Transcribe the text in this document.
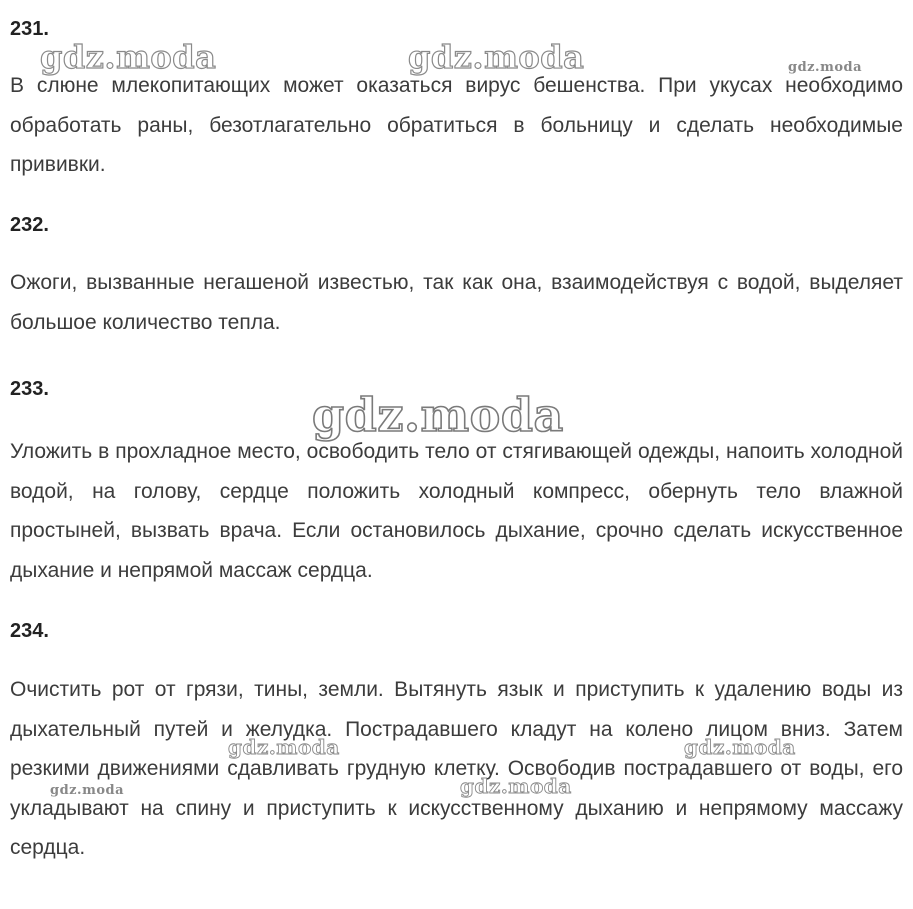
231.
В слюне млекопитающих может оказаться вирус бешенства. При укусах необходимо обработать раны, безотлагательно обратиться в больницу и сделать необходимые прививки.
232.
Ожоги, вызванные негашеной известью, так как она, взаимодействуя с водой, выделяет большое количество тепла.
233.
Уложить в прохладное место, освободить тело от стягивающей одежды, напоить холодной водой, на голову, сердце положить холодный компресс, обернуть тело влажной простыней, вызвать врача. Если остановилось дыхание, срочно сделать искусственное дыхание и непрямой массаж сердца.
234.
Очистить рот от грязи, тины, земли. Вытянуть язык и приступить к удалению воды из дыхательный путей и желудка. Пострадавшего кладут на колено лицом вниз. Затем резкими движениями сдавливать грудную клетку. Освободив пострадавшего от воды, его укладывают на спину и приступить к искусственному дыханию и непрямому массажу сердца.
gdz.moda	gdz.moda	gdz.moda
gdz.moda
gdz.moda	gdz.moda
gdz.moda
gdz.moda
